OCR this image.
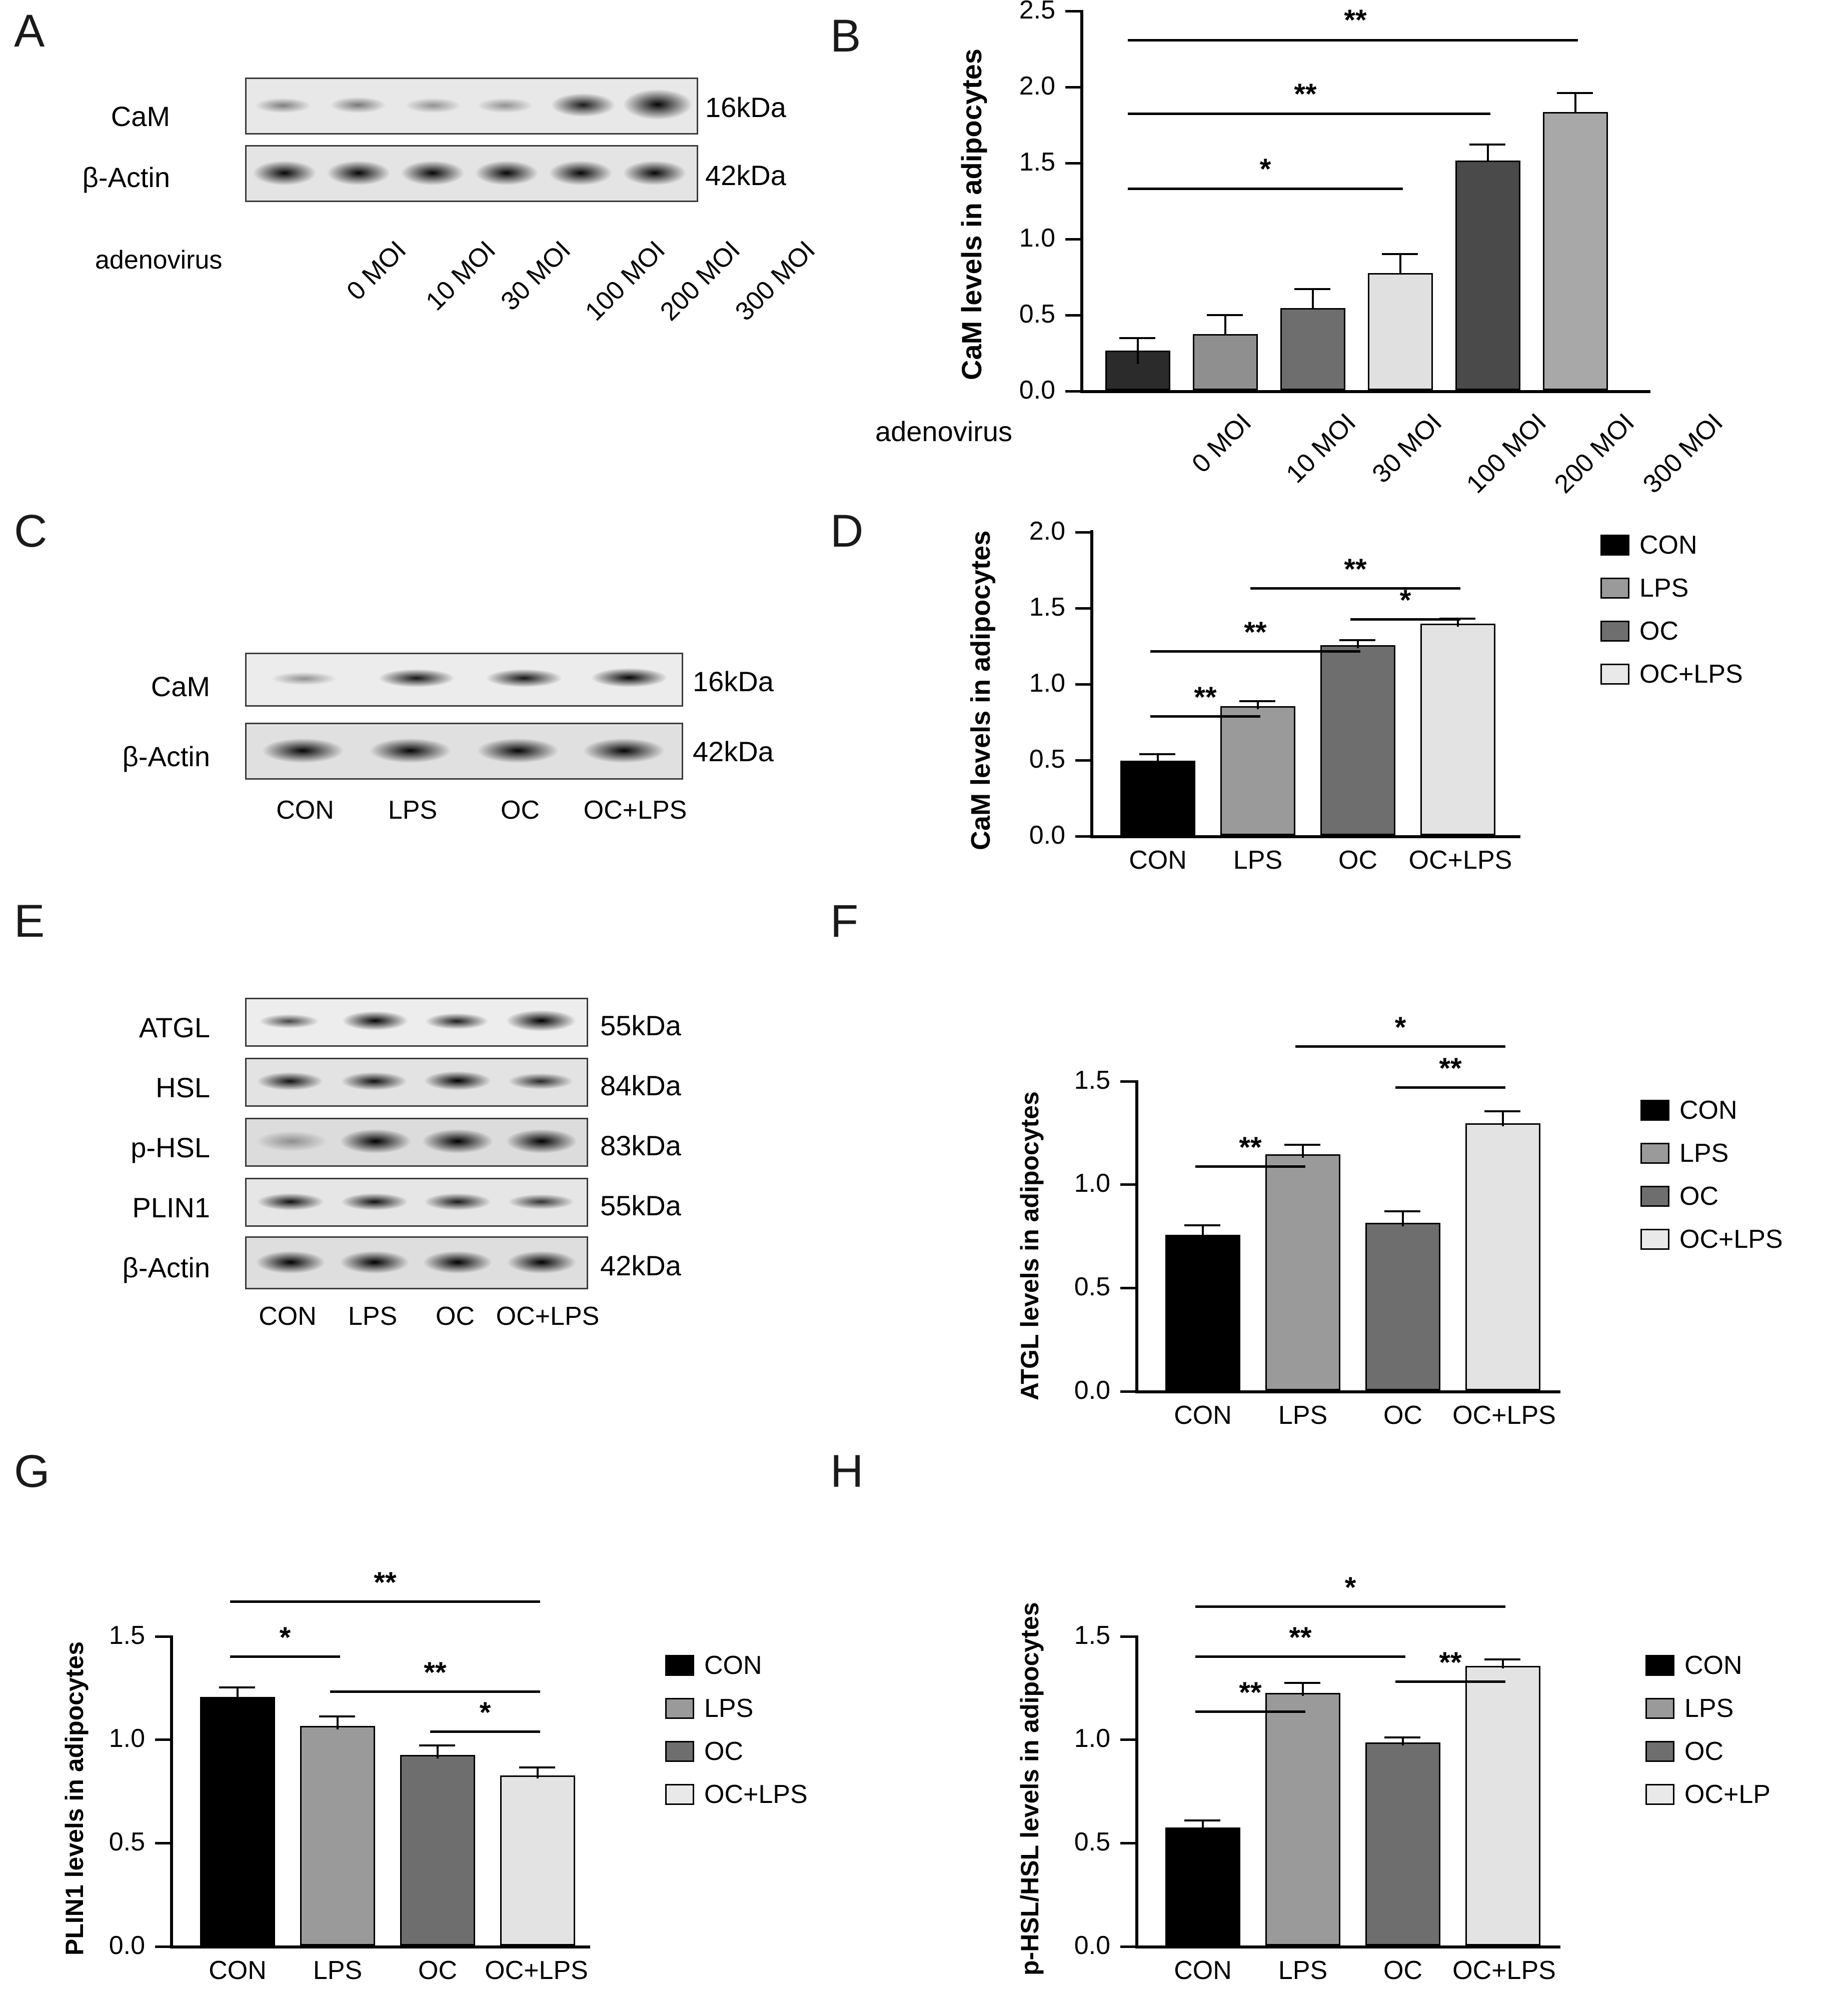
A
CaM	16kDa
β-Actin	42kDa
adenovirus	0 MOI 10 MOI
30 MOI 100 MOI
200 MOI
300 MOI
B
CaM levels in adipocytes
0.0
0.5
1.0
1.5
2.0
2.5
*
**
**
adenovirus	0 MOI 10 MOI 30 MOI 100 MOI
200 MOI
300 MOI
C
CaM	16kDa
β-Actin	42kDa
CON	LPS	OC	OC+LPS
D	CaM levels in adipocytes	0.0
0.5
1.0
1.5
2.0
**
**
**
*
CON	LPS	OC	OC+LPS
CON
LPS
OC
OC+LPS
E
ATGL	55kDa
HSL	84kDa
p-HSL	83kDa
PLIN1	55kDa
β-Actin	42kDa
CON	LPS	OC OC+LPS
F
ATGL levels in adipocytes	0.0
0.5
1.0
1.5
**
*
**
CON	LPS	OC	OC+LPS
CON
LPS
OC
OC+LPS
G
PLIN1 levels in adipocytes 0.0
0.5
1.0
1.5	*
**
**
*
CON	LPS	OC	OC+LPS
CON
LPS
OC
OC+LPS
H
p-HSL/HSL levels in adipocytes	0.0
0.5
1.0
1.5
**
**
*
**
CON	LPS	OC	OC+LPS
CON
LPS
OC
OC+LP
